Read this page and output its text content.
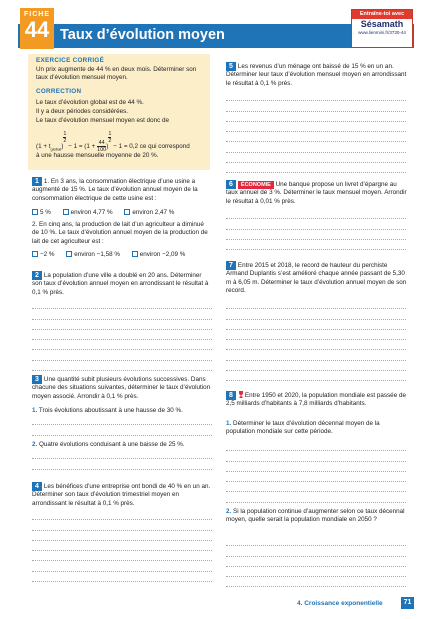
FICHE
44 Taux d’évolution moyen
Entraîne-toi avec
Sésamath
www.lienmini.fr/3730-44
EXERCICE CORRIGÉ
Un prix augmente de 44 % en deux mois. Déterminer son taux d’évolution mensuel moyen.
CORRECTION
Le taux d’évolution global est de 44 %.
Il y a deux périodes considérées.
Le taux d’évolution mensuel moyen est donc de
$(1 + t_{global})$
$\frac{1}{2}$
− $1 = (1 + \frac{44}{100}$ )
$\frac{1}{2}$
− 1 = 0,2 ce qui correspond
à une hausse mensuelle moyenne de 20 %.
1 1. En 3 ans, la consommation électrique d’une usine a augmenté de 15 %. Le taux d’évolution annuel moyen de la consommation électrique de cette usine est :
5 %	environ 4,77 %	environ 2,47 %
2. En cinq ans, la production de lait d’un agriculteur a diminué de 10 %. Le taux d’évolution annuel moyen de la production de lait de cet agriculteur est :
−2 %	environ −1,58 %	environ −2,09 %
2 La population d’une ville a doublé en 20 ans. Déterminer son taux d’évolution annuel moyen en arrondissant le résultat à 0,1 % près.
3 Une quantité subit plusieurs évolutions successives. Dans chacune des situations suivantes, déterminer le taux d’évolution moyen associé. Arrondir à 0,1 % près.
1. Trois évolutions aboutissant à une hausse de 30 %.
2. Quatre évolutions conduisant à une baisse de 25 %.
4 Les bénéfices d’une entreprise ont bondi de 40 % en un an. Déterminer son taux d’évolution trimestriel moyen en arrondissant le résultat à 0,1 % près.
5 Les revenus d’un ménage ont baissé de 15 % en un an. Déterminer leur taux d’évolution mensuel moyen en arrondissant le résultat à 0,1 % près.
6 ÉCONOMIE Une banque propose un livret d’épargne au taux annuel de 3 %. Déterminer le taux mensuel moyen. Arrondir le résultat à 0,01 % près.
7 Entre 2015 et 2018, le record de hauteur du perchiste Armand Duplantis s’est amélioré chaque année passant de 5,30 m à 6,05 m. Déterminer le taux d’évolution annuel moyen de son record.
8 Entre 1950 et 2020, la population mondiale est passée de 2,5 milliards d’habitants à 7,8 milliards d’habitants.
1. Déterminer le taux d’évolution décennal moyen de la population mondiale sur cette période.
2. Si la population continue d’augmenter selon ce taux décennal moyen, quelle serait la population mondiale en 2050 ?
4. Croissance exponentielle	71
